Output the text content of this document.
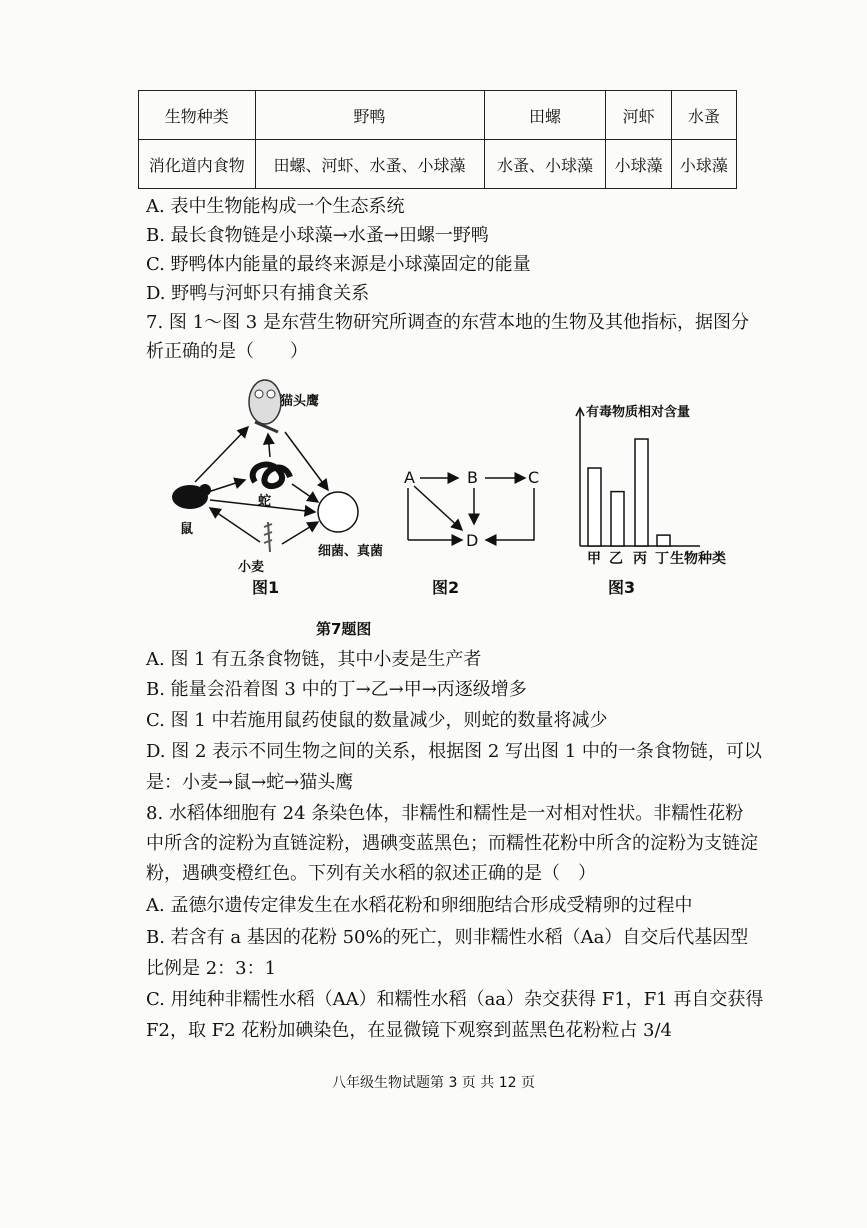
生物种类	野鸭	田螺	河虾	水蚤
消化道内食物	田螺、河虾、水蚤、小球藻	水蚤、小球藻	小球藻	小球藻
A. 表中生物能构成一个生态系统
B. 最长食物链是小球藻→水蚤→田螺一野鸭
C. 野鸭体内能量的最终来源是小球藻固定的能量
D. 野鸭与河虾只有捕食关系
7. 图 1～图 3 是东营生物研究所调查的东营本地的生物及其他指标，据图分
析正确的是（　　）
猫头鹰
蛇
鼠
小麦
细菌、真菌
图1
A	B	C
D
图2
有毒物质相对含量
甲 乙 丙 丁 生物种类
图3
第7题图
A. 图 1 有五条食物链，其中小麦是生产者
B. 能量会沿着图 3 中的丁→乙→甲→丙逐级增多
C. 图 1 中若施用鼠药使鼠的数量减少，则蛇的数量将减少
D. 图 2 表示不同生物之间的关系，根据图 2 写出图 1 中的一条食物链，可以
是：小麦→鼠→蛇→猫头鹰
8. 水稻体细胞有 24 条染色体，非糯性和糯性是一对相对性状。非糯性花粉
中所含的淀粉为直链淀粉，遇碘变蓝黑色；而糯性花粉中所含的淀粉为支链淀
粉，遇碘变橙红色。下列有关水稻的叙述正确的是（　）
A. 孟德尔遗传定律发生在水稻花粉和卵细胞结合形成受精卵的过程中
B. 若含有 a 基因的花粉 50%的死亡，则非糯性水稻（Aa）自交后代基因型
比例是 2：3：1
C. 用纯种非糯性水稻（AA）和糯性水稻（aa）杂交获得 F1，F1 再自交获得
F2，取 F2 花粉加碘染色，在显微镜下观察到蓝黑色花粉粒占 3/4
八年级生物试题第 3 页 共 12 页
